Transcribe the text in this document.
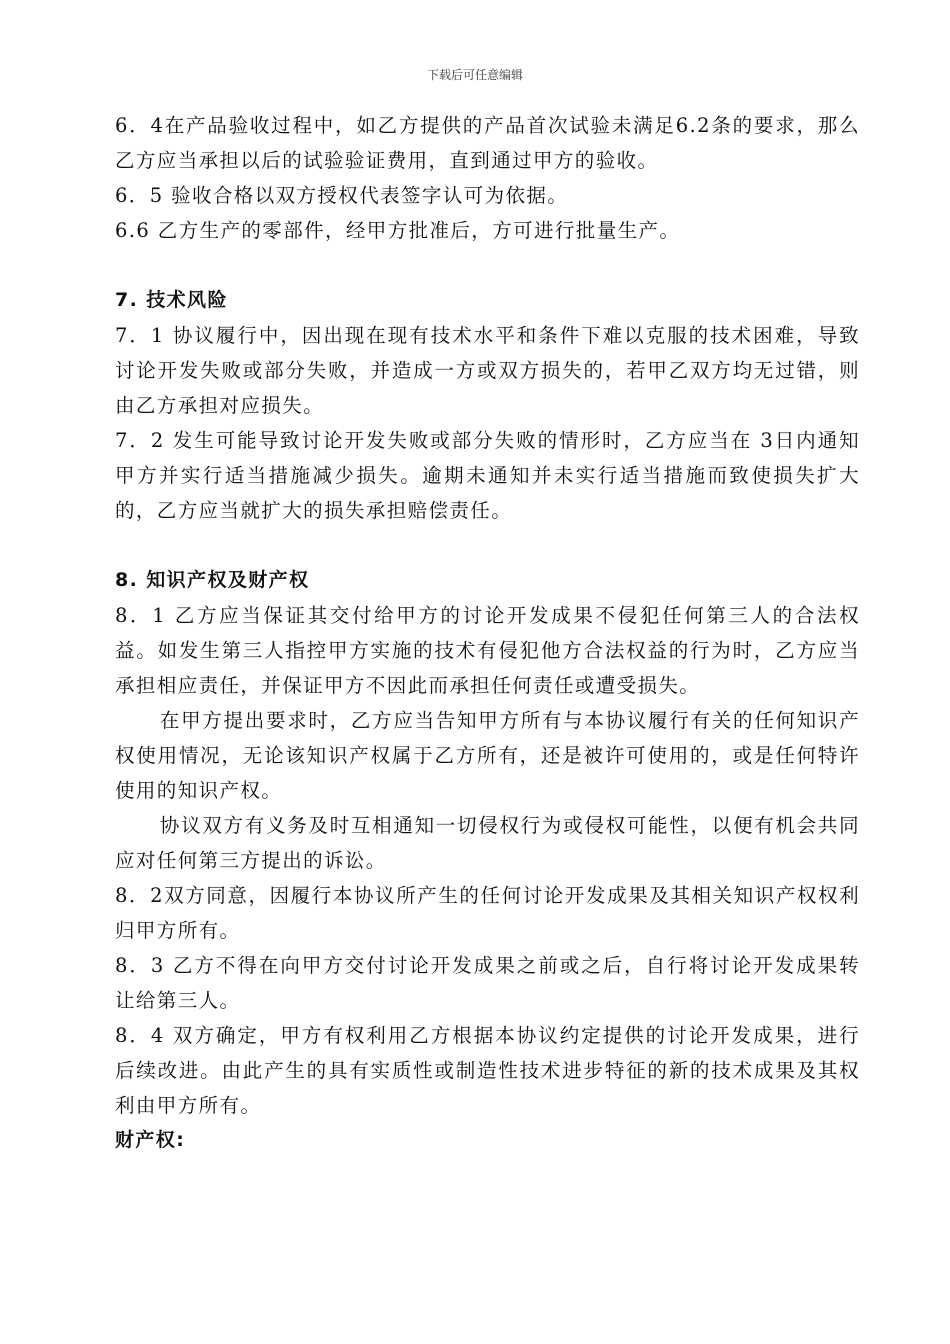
下载后可任意编辑

6．4在产品验收过程中，如乙方提供的产品首次试验未满足6.2条的要求，那么乙方应当承担以后的试验验证费用，直到通过甲方的验收。

6．5 验收合格以双方授权代表签字认可为依据。

6.6 乙方生产的零部件，经甲方批准后，方可进行批量生产。

7. 技术风险

7．1 协议履行中，因出现在现有技术水平和条件下难以克服的技术困难，导致讨论开发失败或部分失败，并造成一方或双方损失的，若甲乙双方均无过错，则由乙方承担对应损失。

7．2 发生可能导致讨论开发失败或部分失败的情形时，乙方应当在 3日内通知甲方并实行适当措施减少损失。逾期未通知并未实行适当措施而致使损失扩大的，乙方应当就扩大的损失承担赔偿责任。

8. 知识产权及财产权

8．1 乙方应当保证其交付给甲方的讨论开发成果不侵犯任何第三人的合法权益。如发生第三人指控甲方实施的技术有侵犯他方合法权益的行为时，乙方应当承担相应责任，并保证甲方不因此而承担任何责任或遭受损失。

在甲方提出要求时，乙方应当告知甲方所有与本协议履行有关的任何知识产权使用情况，无论该知识产权属于乙方所有，还是被许可使用的，或是任何特许使用的知识产权。

协议双方有义务及时互相通知一切侵权行为或侵权可能性，以便有机会共同应对任何第三方提出的诉讼。

8．2双方同意，因履行本协议所产生的任何讨论开发成果及其相关知识产权权利归甲方所有。

8．3 乙方不得在向甲方交付讨论开发成果之前或之后，自行将讨论开发成果转让给第三人。

8．4 双方确定，甲方有权利用乙方根据本协议约定提供的讨论开发成果，进行后续改进。由此产生的具有实质性或制造性技术进步特征的新的技术成果及其权利由甲方所有。

财产权:
